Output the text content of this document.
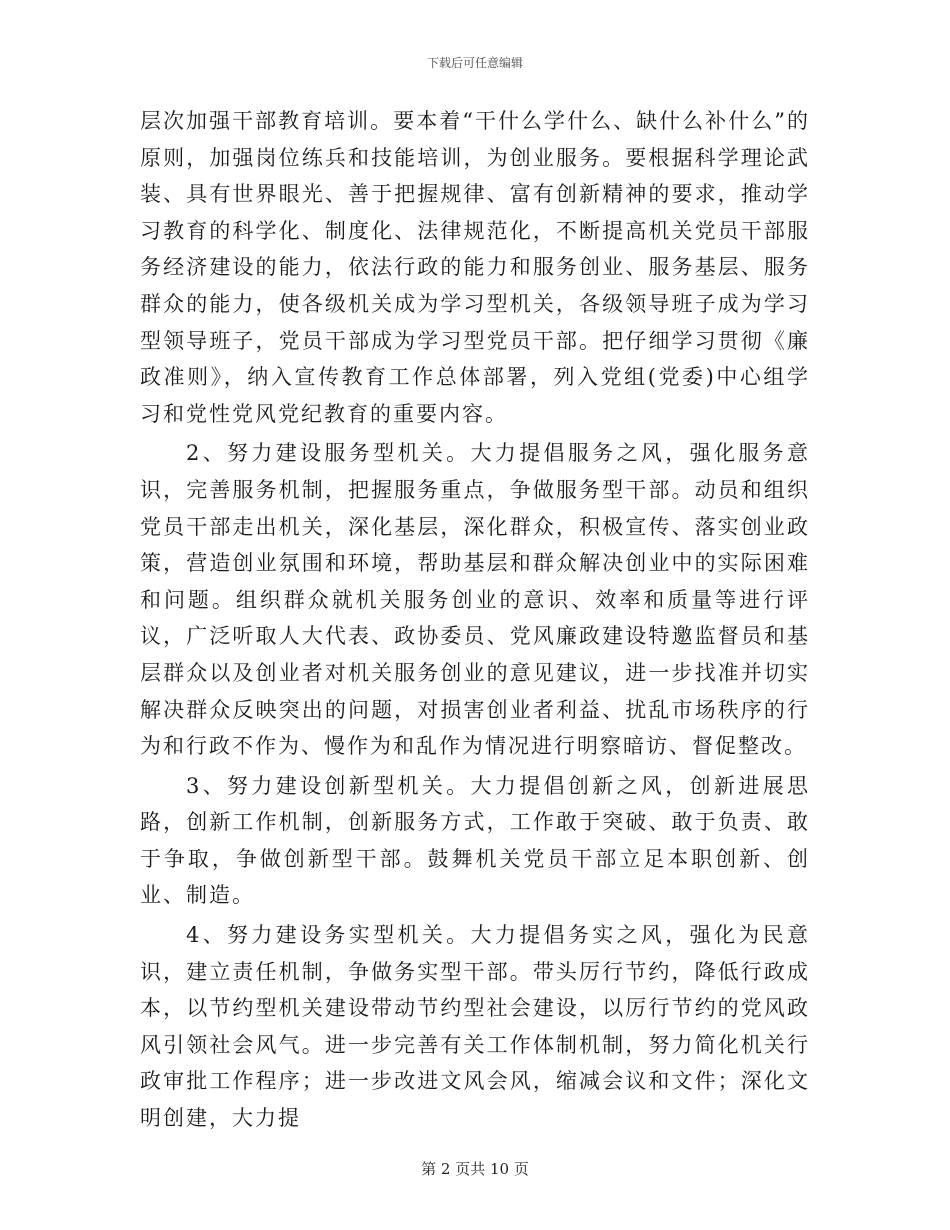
下载后可任意编辑

层次加强干部教育培训。要本着“干什么学什么、缺什么补什么”的原则，加强岗位练兵和技能培训，为创业服务。要根据科学理论武装、具有世界眼光、善于把握规律、富有创新精神的要求，推动学习教育的科学化、制度化、法律规范化，不断提高机关党员干部服务经济建设的能力，依法行政的能力和服务创业、服务基层、服务群众的能力，使各级机关成为学习型机关，各级领导班子成为学习型领导班子，党员干部成为学习型党员干部。把仔细学习贯彻《廉政准则》，纳入宣传教育工作总体部署，列入党组(党委)中心组学习和党性党风党纪教育的重要内容。

2、努力建设服务型机关。大力提倡服务之风，强化服务意识，完善服务机制，把握服务重点，争做服务型干部。动员和组织党员干部走出机关，深化基层，深化群众，积极宣传、落实创业政策，营造创业氛围和环境，帮助基层和群众解决创业中的实际困难和问题。组织群众就机关服务创业的意识、效率和质量等进行评议，广泛听取人大代表、政协委员、党风廉政建设特邀监督员和基层群众以及创业者对机关服务创业的意见建议，进一步找准并切实解决群众反映突出的问题，对损害创业者利益、扰乱市场秩序的行为和行政不作为、慢作为和乱作为情况进行明察暗访、督促整改。

3、努力建设创新型机关。大力提倡创新之风，创新进展思路，创新工作机制，创新服务方式，工作敢于突破、敢于负责、敢于争取，争做创新型干部。鼓舞机关党员干部立足本职创新、创业、制造。

4、努力建设务实型机关。大力提倡务实之风，强化为民意识，建立责任机制，争做务实型干部。带头厉行节约，降低行政成本，以节约型机关建设带动节约型社会建设，以厉行节约的党风政风引领社会风气。进一步完善有关工作体制机制，努力简化机关行政审批工作程序；进一步改进文风会风，缩减会议和文件；深化文明创建，大力提

第 2 页共 10 页
